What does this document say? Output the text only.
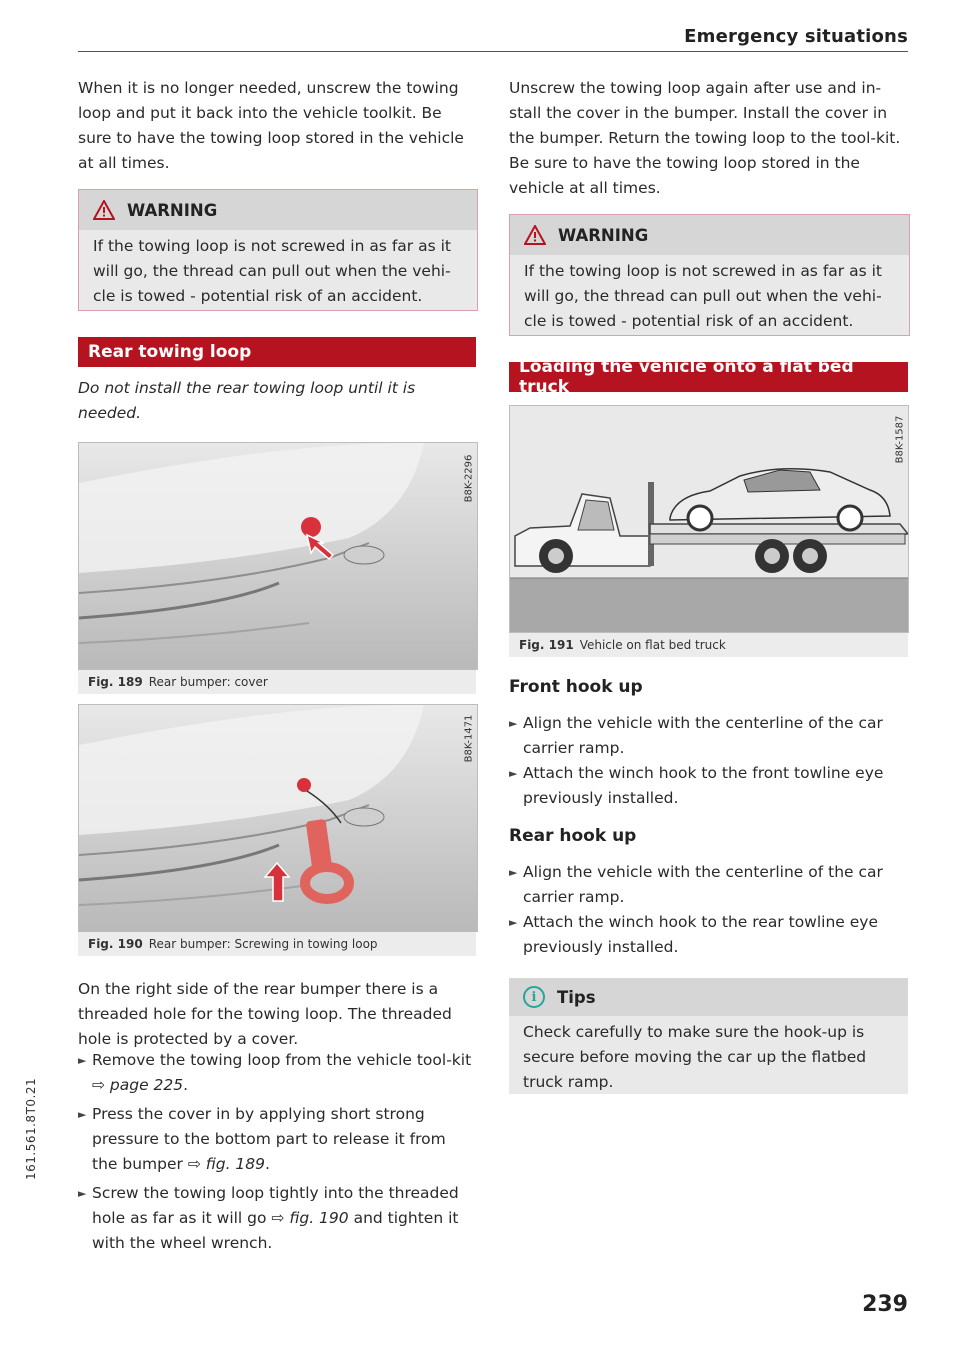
Emergency situations

When it is no longer needed, unscrew the towing loop and put it back into the vehicle toolkit. Be sure to have the towing loop stored in the vehicle at all times.

WARNING
If the towing loop is not screwed in as far as it will go, the thread can pull out when the vehi-cle is towed - potential risk of an accident.
Rear towing loop

Do not install the rear towing loop until it is needed.

B8K-2296
Fig. 189 Rear bumper: cover
B8K-1471
Fig. 190 Rear bumper: Screwing in towing loop

On the right side of the rear bumper there is a threaded hole for the towing loop. The threaded hole is protected by a cover.

► Remove the towing loop from the vehicle tool-kit ⇨ page 225.
► Press the cover in by applying short strong pressure to the bottom part to release it from the bumper ⇨ fig. 189.
► Screw the towing loop tightly into the threaded hole as far as it will go ⇨ fig. 190 and tighten it with the wheel wrench.

Unscrew the towing loop again after use and in-stall the cover in the bumper. Install the cover in the bumper. Return the towing loop to the tool-kit. Be sure to have the towing loop stored in the vehicle at all times.

WARNING
If the towing loop is not screwed in as far as it will go, the thread can pull out when the vehi-cle is towed - potential risk of an accident.
Loading the vehicle onto a flat bed truck
B8K-1587
Fig. 191 Vehicle on flat bed truck
Front hook up
► Align the vehicle with the centerline of the car carrier ramp.
► Attach the winch hook to the front towline eye previously installed.
Rear hook up
► Align the vehicle with the centerline of the car carrier ramp.
► Attach the winch hook to the rear towline eye previously installed.
i	Tips
Check carefully to make sure the hook-up is secure before moving the car up the flatbed truck ramp.
161.561.8T0.21
239
